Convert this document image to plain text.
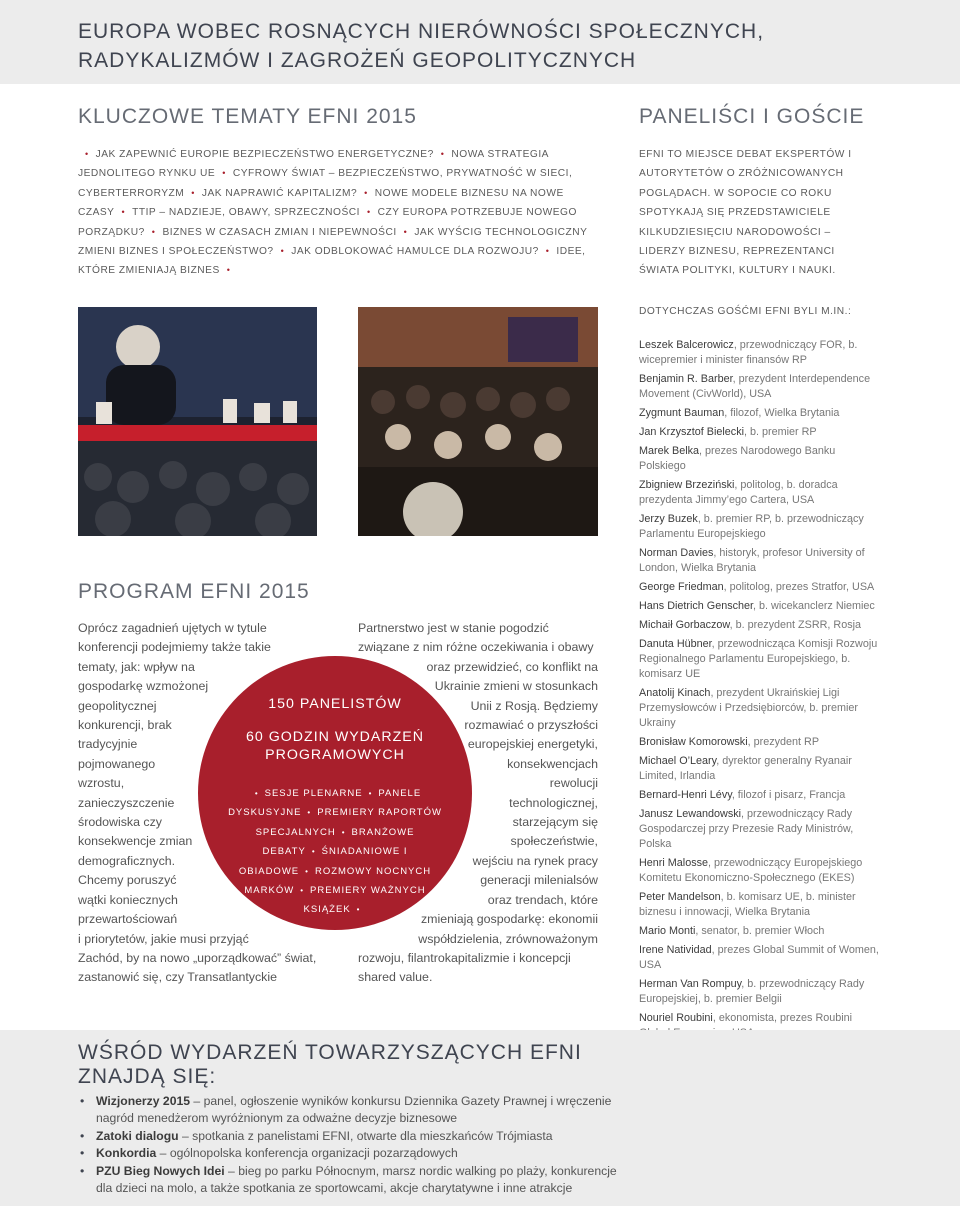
EUROPA WOBEC ROSNĄCYCH NIERÓWNOŚCI SPOŁECZNYCH,
RADYKALIZMÓW I ZAGROŻEŃ GEOPOLITYCZNYCH
KLUCZOWE TEMATY EFNI 2015

• JAK ZAPEWNIĆ EUROPIE BEZPIECZEŃSTWO ENERGETYCZNE? • NOWA STRATEGIA JEDNOLITEGO RYNKU UE • CYFROWY ŚWIAT – BEZPIECZEŃSTWO, PRYWATNOŚĆ W SIECI, CYBERTERRORYZM • JAK NAPRAWIĆ KAPITALIZM? • NOWE MODELE BIZNESU NA NOWE CZASY • TTIP – NADZIEJE, OBAWY, SPRZECZNOŚCI • CZY EUROPA POTRZEBUJE NOWEGO PORZĄDKU? • BIZNES W CZASACH ZMIAN I NIEPEWNOŚCI • JAK WYŚCIG TECHNOLOGICZNY ZMIENI BIZNES I SPOŁECZEŃSTWO? • JAK ODBLOKOWAĆ HAMULCE DLA ROZWOJU? • IDEE, KTÓRE ZMIENIAJĄ BIZNES •

PANELIŚCI I GOŚCIE

EFNI TO MIEJSCE DEBAT EKSPERTÓW I AUTORYTETÓW O ZRÓŻNICOWANYCH POGLĄDACH. W SOPOCIE CO ROKU SPOTYKAJĄ SIĘ PRZEDSTAWICIELE KILKUDZIESIĘCIU NARODOWOŚCI – LIDERZY BIZNESU, REPREZENTANCI ŚWIATA POLITYKI, KULTURY I NAUKI.

DOTYCHCZAS GOŚĆMI EFNI BYLI M.IN.:
Leszek Balcerowicz, przewodniczący FOR, b. wicepremier i minister finansów RP
Benjamin R. Barber, prezydent Interdependence Movement (CivWorld), USA
Zygmunt Bauman, filozof, Wielka Brytania
Jan Krzysztof Bielecki, b. premier RP
Marek Belka, prezes Narodowego Banku Polskiego
Zbigniew Brzeziński, politolog, b. doradca prezydenta Jimmy’ego Cartera, USA
Jerzy Buzek, b. premier RP, b. przewodniczący Parlamentu Europejskiego
Norman Davies, historyk, profesor University of London, Wielka Brytania
George Friedman, politolog, prezes Stratfor, USA
Hans Dietrich Genscher, b. wicekanclerz Niemiec
Michaił Gorbaczow, b. prezydent ZSRR, Rosja
Danuta Hübner, przewodnicząca Komisji Rozwoju Regionalnego Parlamentu Europejskiego, b. komisarz UE
Anatolij Kinach, prezydent Ukraińskiej Ligi Przemysłowców i Przedsiębiorców, b. premier Ukrainy
Bronisław Komorowski, prezydent RP
Michael O’Leary, dyrektor generalny Ryanair Limited, Irlandia
Bernard-Henri Lévy, filozof i pisarz, Francja
Janusz Lewandowski, przewodniczący Rady Gospodarczej przy Prezesie Rady Ministrów, Polska
Henri Malosse, przewodniczący Europejskiego Komitetu Ekonomiczno-Społecznego (EKES)
Peter Mandelson, b. komisarz UE, b. minister biznesu i innowacji, Wielka Brytania
Mario Monti, senator, b. premier Włoch
Irene Natividad, prezes Global Summit of Women, USA
Herman Van Rompuy, b. przewodniczący Rady Europejskiej, b. premier Belgii
Nouriel Roubini, ekonomista, prezes Roubini
PROGRAM EFNI 2015

Oprócz zagadnień ujętych w tytule
konferencji podejmiemy także takie
tematy, jak: wpływ na
gospodarkę wzmożonej
geopolitycznej
konkurencji, brak
tradycyjnie
pojmowanego
wzrostu,
zanieczyszczenie
środowiska czy
konsekwencje zmian
demograficznych.
Chcemy poruszyć
wątki koniecznych
przewartościowań
i priorytetów, jakie musi przyjąć
Zachód, by na nowo „uporządkować” świat,
zastanowić się, czy Transatlantyckie

Partnerstwo jest w stanie pogodzić
związane z nim różne oczekiwania i obawy
oraz przewidzieć, co konflikt na
Ukrainie zmieni w stosunkach
Unii z Rosją. Będziemy
rozmawiać o przyszłości
europejskiej energetyki,
konsekwencjach
rewolucji
technologicznej,
starzejącym się
społeczeństwie,
wejściu na rynek pracy
generacji milenialsów
oraz trendach, które
zmieniają gospodarkę: ekonomii
współdzielenia, zrównoważonym
rozwoju, filantrokapitalizmie i koncepcji
shared value.

150 PANELISTÓW
60 GODZIN WYDARZEŃ PROGRAMOWYCH
• SESJE PLENARNE • PANELE DYSKUSYJNE • PREMIERY RAPORTÓW SPECJALNYCH • BRANŻOWE DEBATY • ŚNIADANIOWE I OBIADOWE • ROZMOWY NOCNYCH MARKÓW • PREMIERY WAŻNYCH KSIĄŻEK •
WŚRÓD WYDARZEŃ TOWARZYSZĄCYCH EFNI
ZNAJDĄ SIĘ:
• Wizjonerzy 2015 – panel, ogłoszenie wyników konkursu Dziennika Gazety Prawnej i wręczenie nagród menedżerom wyróżnionym za odważne decyzje biznesowe
• Zatoki dialogu – spotkania z panelistami EFNI, otwarte dla mieszkańców Trójmiasta
• Konkordia – ogólnopolska konferencja organizacji pozarządowych
• PZU Bieg Nowych Idei – bieg po parku Północnym, marsz nordic walking po plaży, konkurencje dla dzieci na molo, a także spotkania ze sportowcami, akcje charytatywne i inne atrakcje
